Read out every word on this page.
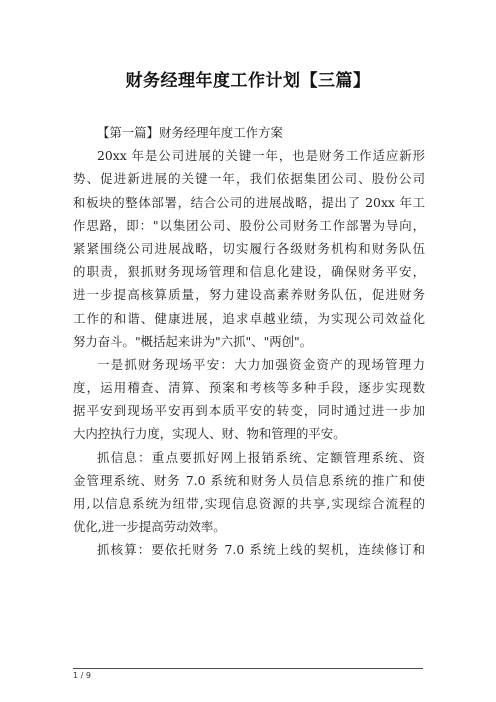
财务经理年度工作计划【三篇】
【第一篇】财务经理年度工作方案
20xx 年是公司进展的关键一年，也是财务工作适应新形
势、促进新进展的关键一年，我们依据集团公司、股份公司
和板块的整体部署，结合公司的进展战略，提出了 20xx 年工
作思路，即："以集团公司、股份公司财务工作部署为导向，
紧紧围绕公司进展战略，切实履行各级财务机构和财务队伍
的职责，狠抓财务现场管理和信息化建设，确保财务平安，
进一步提高核算质量，努力建设高素养财务队伍，促进财务
工作的和谐、健康进展，追求卓越业绩，为实现公司效益化
努力奋斗。"概括起来讲为"六抓"、"两创"。
一是抓财务现场平安：大力加强资金资产的现场管理力
度，运用稽查、清算、预案和考核等多种手段，逐步实现数
据平安到现场平安再到本质平安的转变，同时通过进一步加
大内控执行力度，实现人、财、物和管理的平安。
抓信息：重点要抓好网上报销系统、定额管理系统、资
金管理系统、财务 7.0 系统和财务人员信息系统的推广和使
用,以信息系统为纽带,实现信息资源的共享,实现综合流程的
优化,进一步提高劳动效率。
抓核算：要依托财务 7.0 系统上线的契机，连续修订和
1 / 9
